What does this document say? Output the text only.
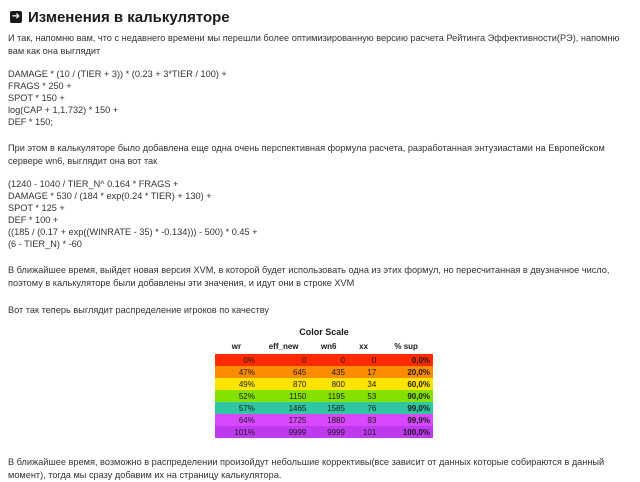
➜ Изменения в калькуляторе

И так, напомню вам, что с недавнего времени мы перешли более оптимизированную версию расчета Рейтинга Эффективности(РЭ), напомню вам как она выглядит

DAMAGE * (10 / (TIER + 3)) * (0.23 + 3*TIER / 100) +
FRAGS * 250 +
SPOT * 150 +
log(CAP + 1,1.732) * 150 +
DEF * 150;

При этом в калькуляторе было добавлена еще одна очень перспективная формула расчета, разработанная энтузиастами на Европейском сервере wn6, выглядит она вот так

(1240 - 1040 / TIER_N^ 0.164 * FRAGS +
DAMAGE * 530 / (184 * exp(0.24 * TIER) + 130) +
SPOT * 125 +
DEF * 100 +
((185 / (0.17 + exp((WINRATE - 35) * -0.134))) - 500) * 0.45 +
(6 - TIER_N) * -60

В ближайшее время, выйдет новая версия XVM, в которой будет использовать одна из этих формул, но пересчитанная в двузначное число, поэтому в калькуляторе были добавлены эти значения, и идут они в строке XVM

Вот так теперь выглядит распределение игроков по качеству

Color Scale				
wr	eff_new	wn6	xx	% sup
0%	0	0	0	0,0%
47%	645	435	17	20,0%
49%	870	800	34	60,0%
52%	1150	1195	53	90,0%
57%	1465	1585	76	99,0%
64%	1725	1880	93	99,9%
101%	9999	9999	101	100,0%

В ближайшее время, возможно в распределении произойдут небольшие коррективы(все зависит от данных которые собираются в данный момент), тогда мы сразу добавим их на страницу калькулятора.
